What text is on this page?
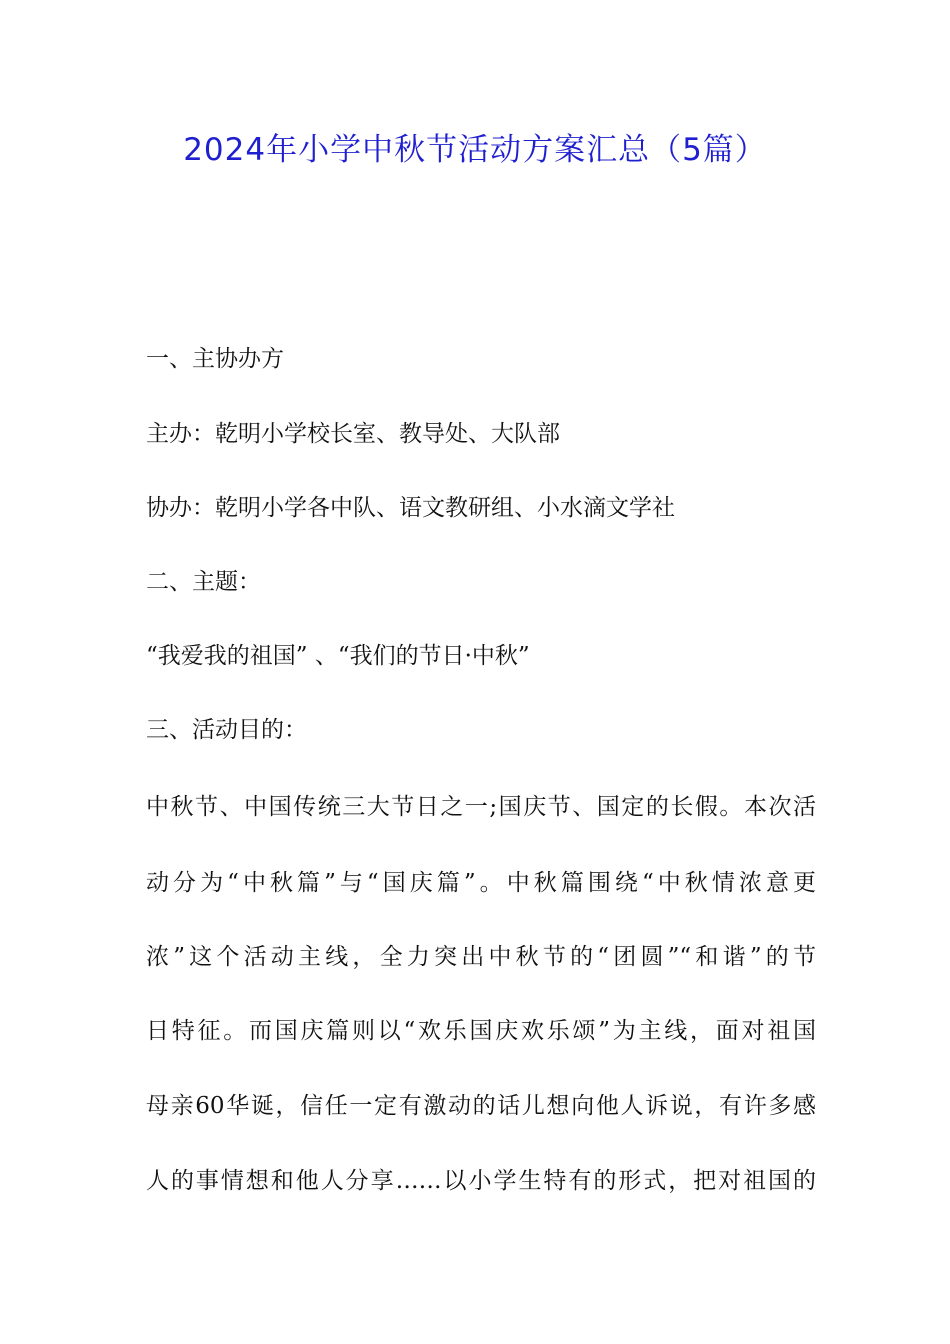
2024年小学中秋节活动方案汇总（5篇）
一、主协办方
主办：乾明小学校长室、教导处、大队部
协办：乾明小学各中队、语文教研组、小水滴文学社
二、主题：
“我爱我的祖国” 、“我们的节日·中秋”
三、活动目的：
中秋节、中国传统三大节日之一;国庆节、国定的长假。本次活
动分为“中秋篇”与“国庆篇”。中秋篇围绕“中秋情浓意更
浓”这个活动主线，全力突出中秋节的“团圆”“和谐”的节
日特征。而国庆篇则以“欢乐国庆欢乐颂”为主线，面对祖国
母亲60华诞，信任一定有激动的话儿想向他人诉说，有许多感
人的事情想和他人分享……以小学生特有的形式，把对祖国的
